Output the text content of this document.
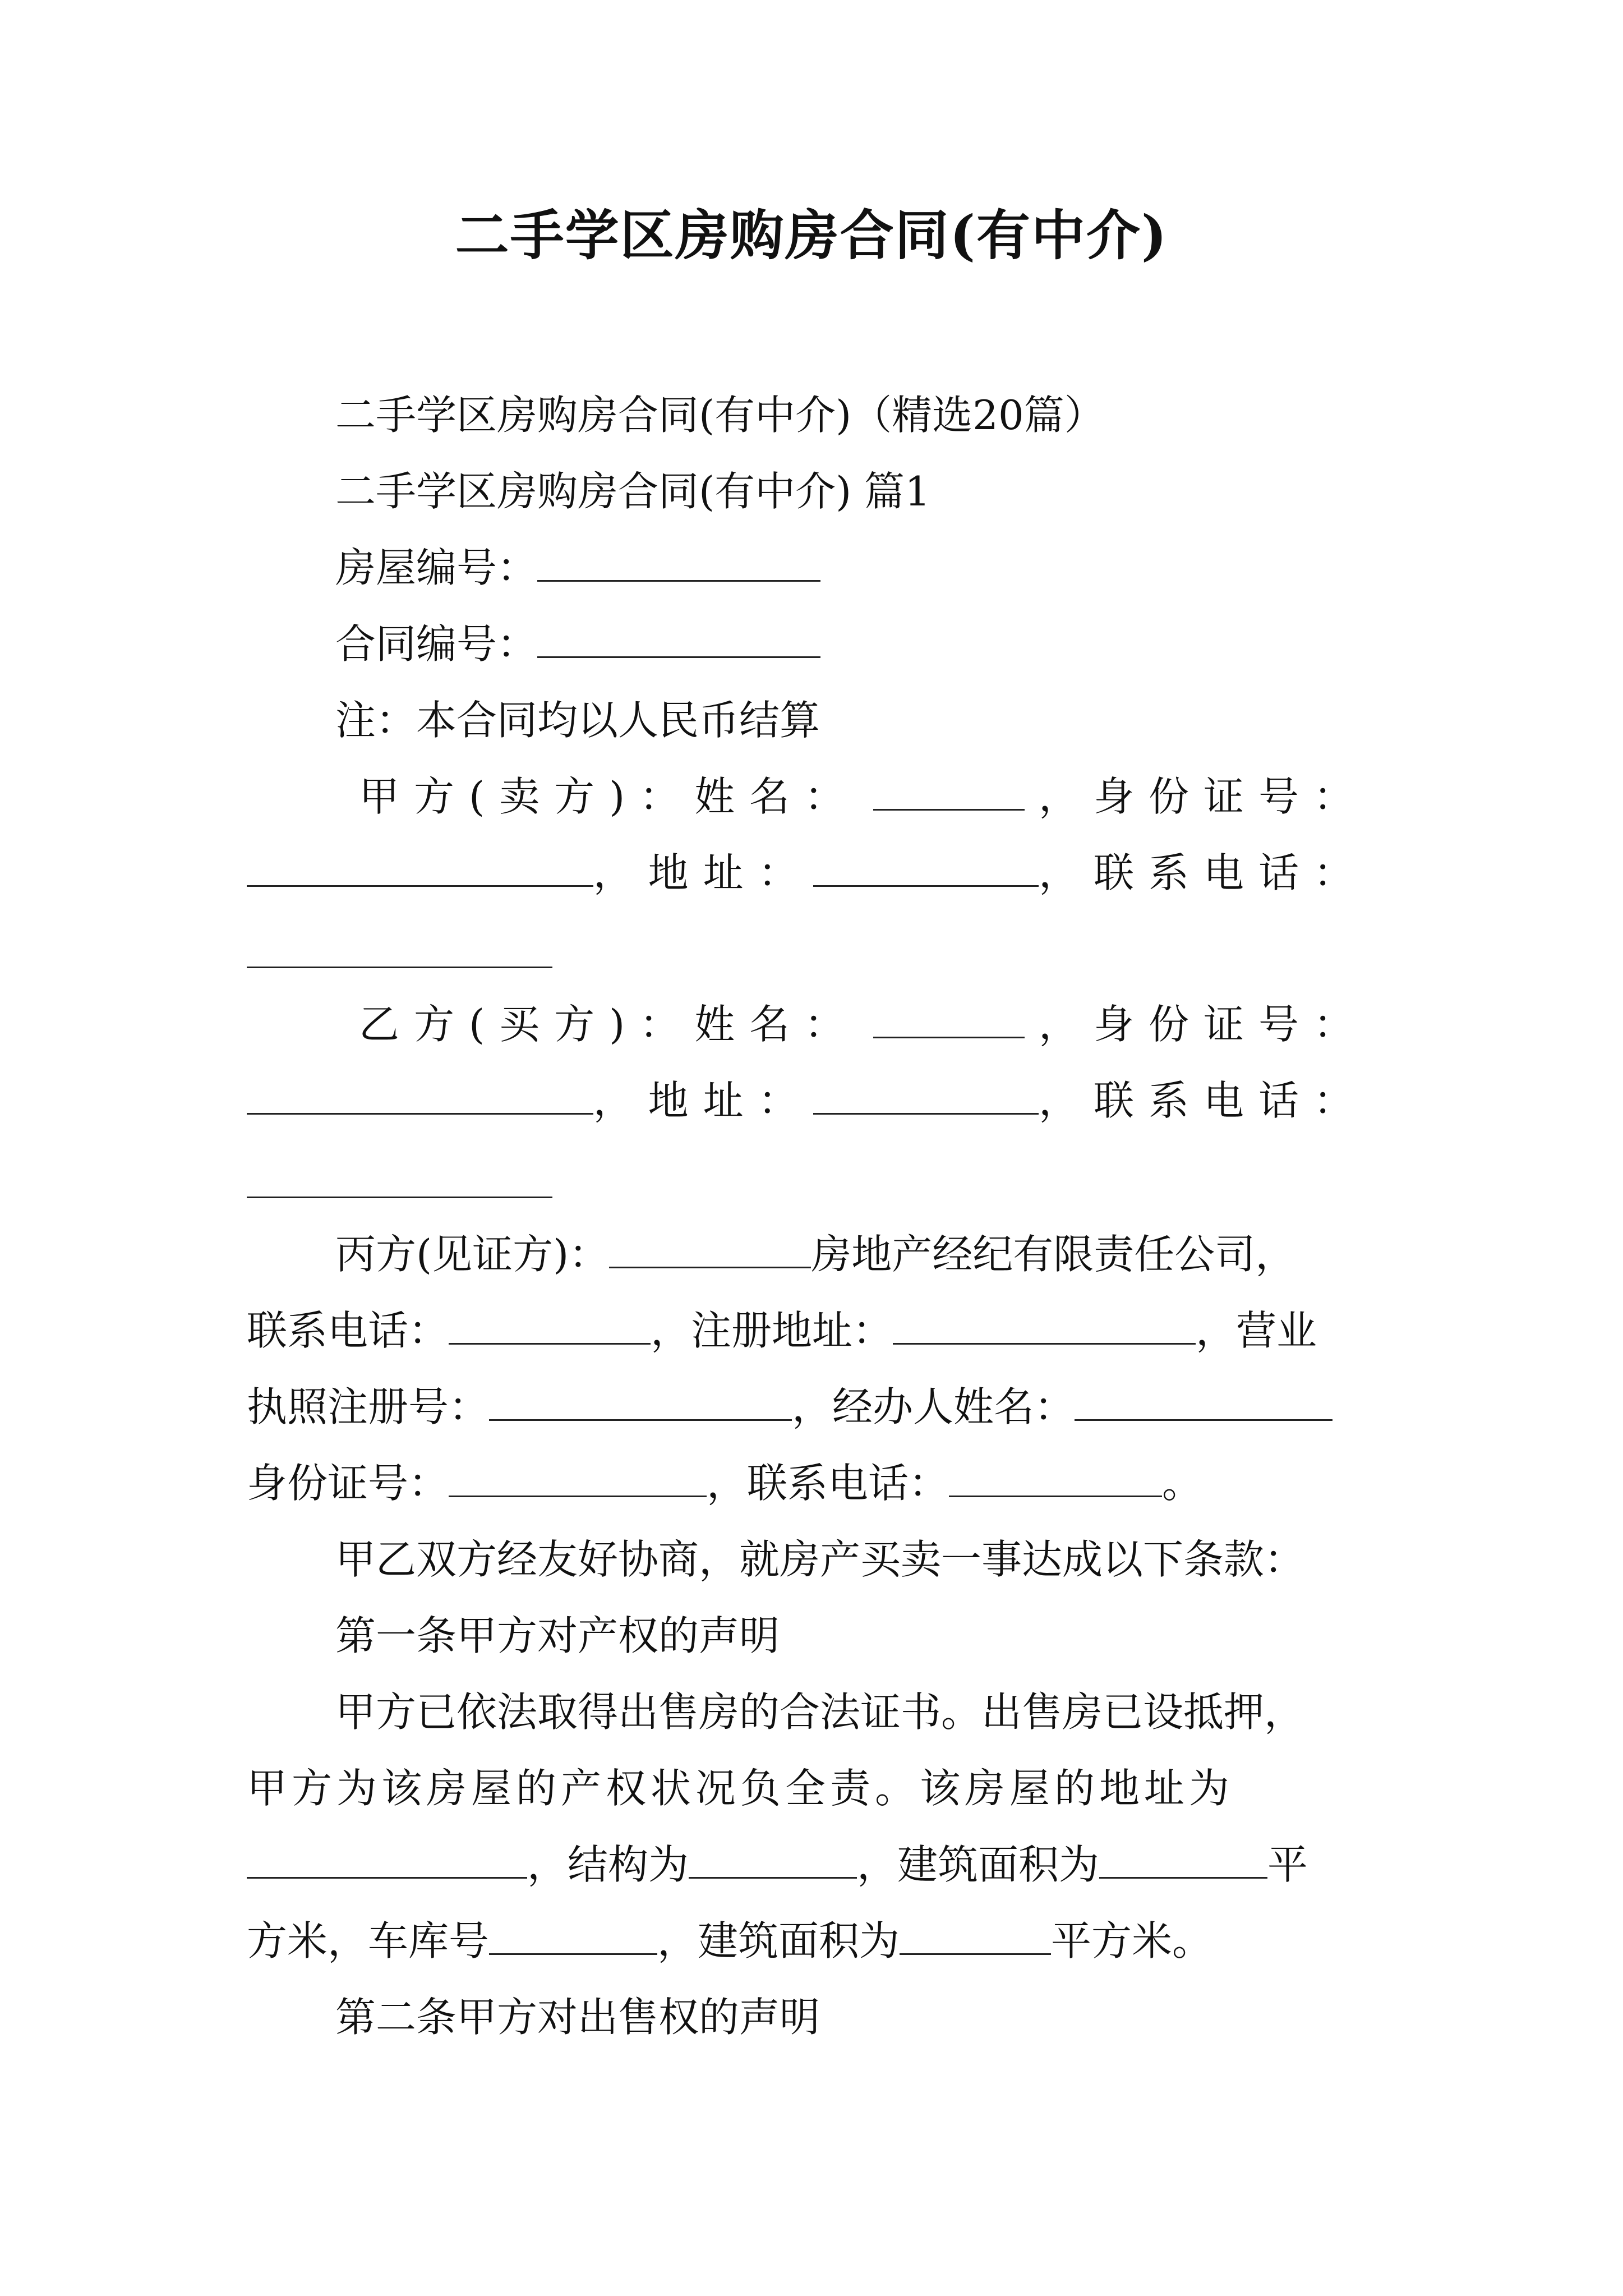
二手学区房购房合同(有中介)
二手学区房购房合同(有中介)（精选20篇）
二手学区房购房合同(有中介) 篇1
房屋编号：
合同编号：
注：本合同均以人民币结算
甲方(卖方)：姓名：	，身份证号：
，地址：	，联系电话：
乙方(买方)：姓名：	，身份证号：
，地址：	，联系电话：
丙方(见证方)：	房地产经纪有限责任公司，
联系电话：	，注册地址：	，营业
执照注册号：	，经办人姓名：
身份证号：	，联系电话：	。
甲乙双方经友好协商，就房产买卖一事达成以下条款：
第一条甲方对产权的声明
甲方已依法取得出售房的合法证书。出售房已设抵押，
甲方为该房屋的产权状况负全责。该房屋的地址为
，结构为	，建筑面积为	平
方米，车库号	，建筑面积为	平方米。
第二条甲方对出售权的声明
